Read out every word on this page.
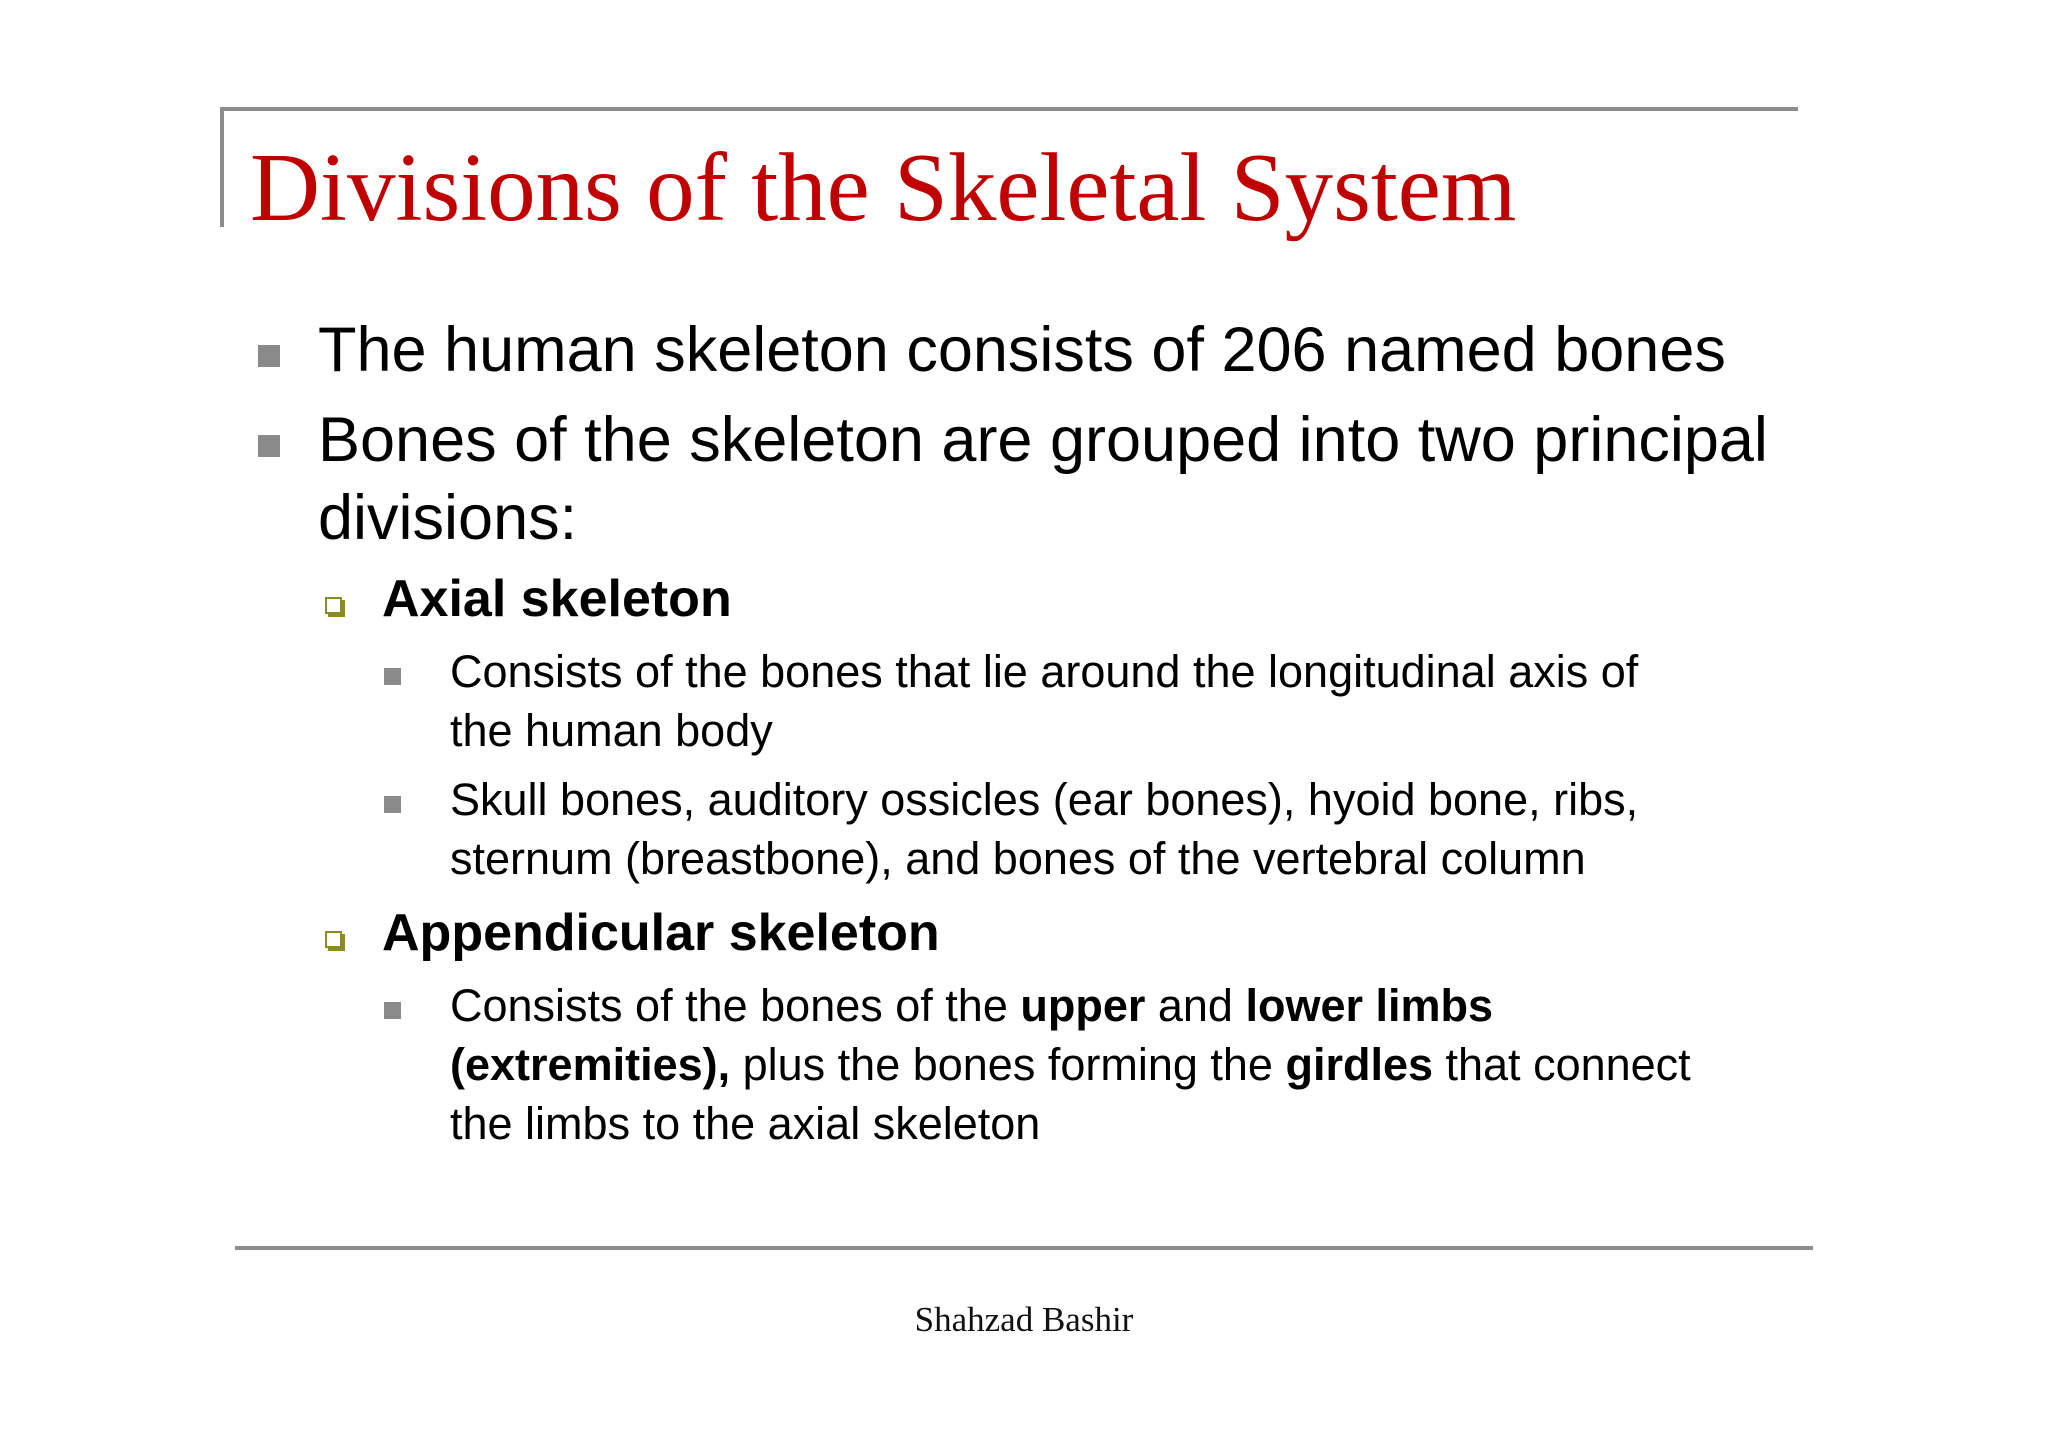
Divisions of the Skeletal System
The human skeleton consists of 206 named bones
Bones of the skeleton are grouped into two principal
divisions:
Axial skeleton
Consists of the bones that lie around the longitudinal axis of
the human body
Skull bones, auditory ossicles (ear bones), hyoid bone, ribs,
sternum (breastbone), and bones of the vertebral column
Appendicular skeleton
Consists of the bones of the upper and lower limbs
(extremities), plus the bones forming the girdles that connect
the limbs to the axial skeleton
Shahzad Bashir
